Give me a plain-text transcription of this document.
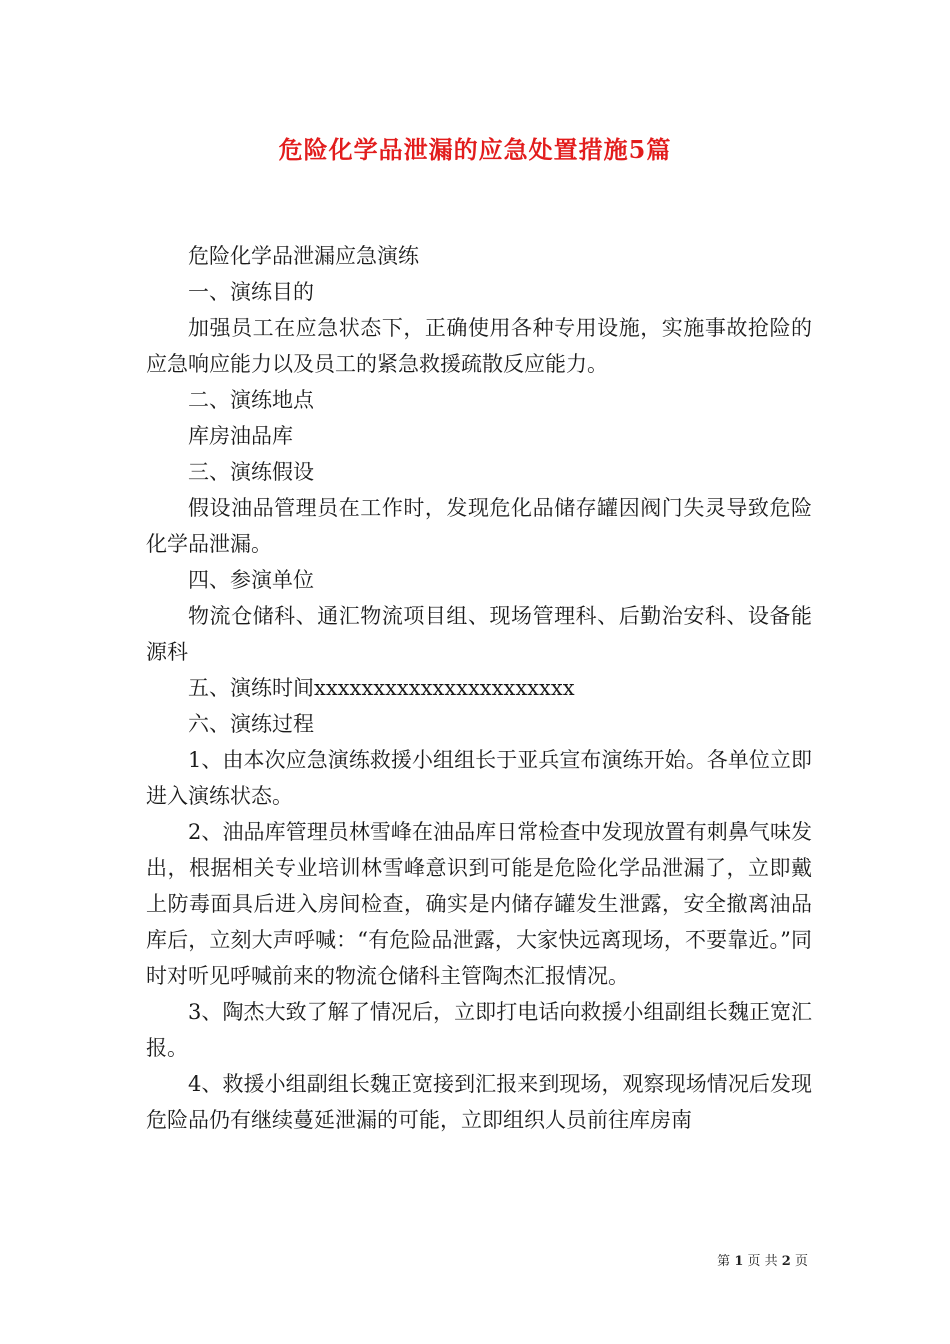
危险化学品泄漏的应急处置措施5篇

危险化学品泄漏应急演练

一、演练目的

加强员工在应急状态下，正确使用各种专用设施，实施事故抢险的应急响应能力以及员工的紧急救援疏散反应能力。

二、演练地点

库房油品库

三、演练假设

假设油品管理员在工作时，发现危化品储存罐因阀门失灵导致危险化学品泄漏。

四、参演单位

物流仓储科、通汇物流项目组、现场管理科、后勤治安科、设备能源科

五、演练时间xxxxxxxxxxxxxxxxxxxxxx

六、演练过程

1、由本次应急演练救援小组组长于亚兵宣布演练开始。各单位立即进入演练状态。

2、油品库管理员林雪峰在油品库日常检查中发现放置有刺鼻气味发出，根据相关专业培训林雪峰意识到可能是危险化学品泄漏了，立即戴上防毒面具后进入房间检查，确实是内储存罐发生泄露，安全撤离油品库后，立刻大声呼喊：“有危险品泄露，大家快远离现场，不要靠近。”同时对听见呼喊前来的物流仓储科主管陶杰汇报情况。

3、陶杰大致了解了情况后，立即打电话向救援小组副组长魏正宽汇报。

4、救援小组副组长魏正宽接到汇报来到现场，观察现场情况后发现危险品仍有继续蔓延泄漏的可能，立即组织人员前往库房南

第 1 页 共 2 页
